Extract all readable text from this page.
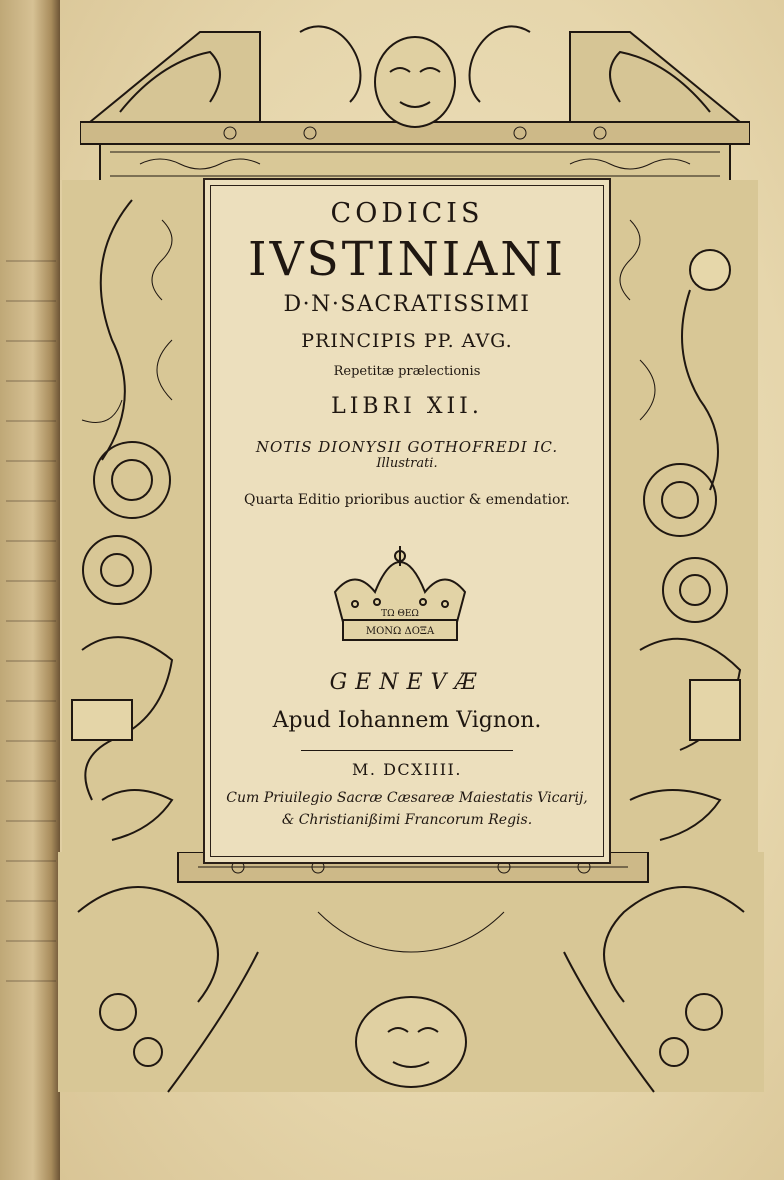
CODICIS
IVSTINIANI
D·N·SACRATISSIMI
PRINCIPIS PP. AVG.
Repetitæ prælectionis
LIBRI XII.
NOTIS DIONYSII GOTHOFREDI IC.
Illustrati.
Quarta Editio prioribus auctior & emendatior.
ΤΩ ΘΕΩ
ΜΟΝΩ ΔΟΞΑ
GENEVÆ
Apud Iohannem Vignon.
M. DCXIIII.
Cum Priuilegio Sacræ Cæsareæ Maiestatis Vicarij,
& Christianißimi Francorum Regis.
